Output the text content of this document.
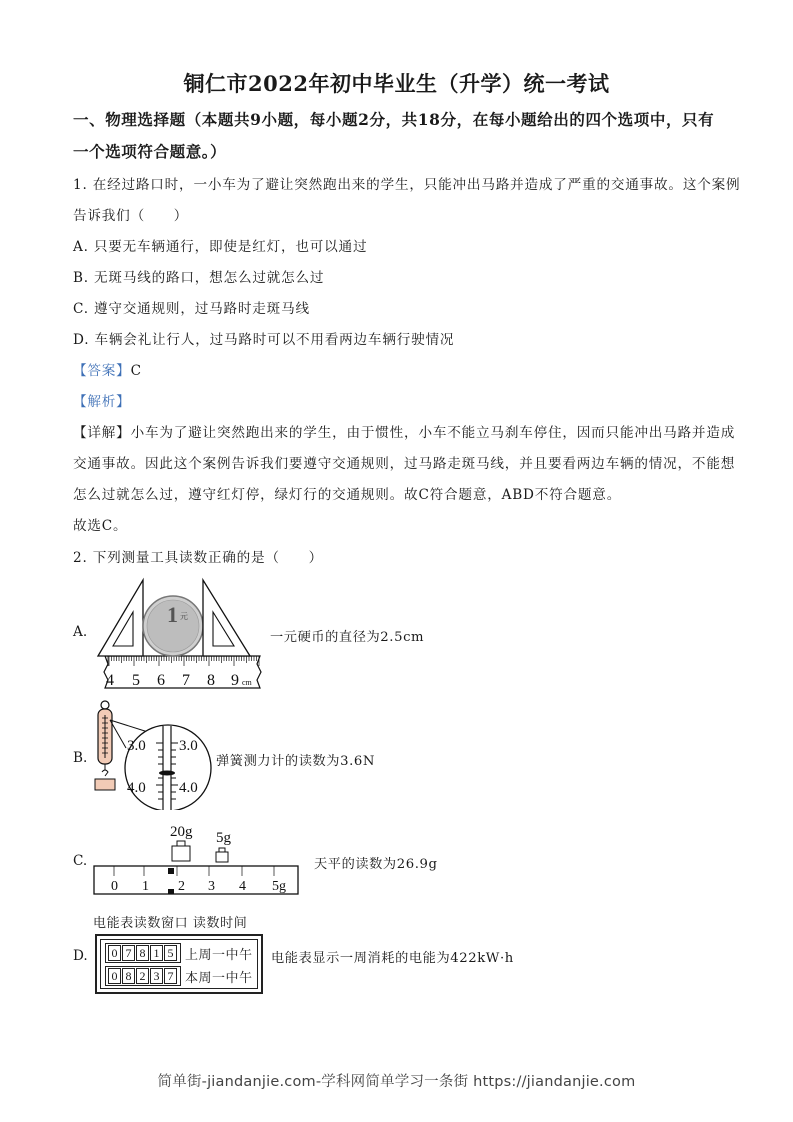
铜仁市2022年初中毕业生（升学）统一考试
一、物理选择题（本题共9小题，每小题2分，共18分，在每小题给出的四个选项中，只有
一个选项符合题意。）
1. 在经过路口时，一小车为了避让突然跑出来的学生，只能冲出马路并造成了严重的交通事故。这个案例
告诉我们（　　）
A. 只要无车辆通行，即使是红灯，也可以通过
B. 无斑马线的路口，想怎么过就怎么过
C. 遵守交通规则，过马路时走斑马线
D. 车辆会礼让行人，过马路时可以不用看两边车辆行驶情况
【答案】C
【解析】
【详解】小车为了避让突然跑出来的学生，由于惯性，小车不能立马刹车停住，因而只能冲出马路并造成
交通事故。因此这个案例告诉我们要遵守交通规则，过马路走斑马线，并且要看两边车辆的情况，不能想
怎么过就怎么过，遵守红灯停，绿灯行的交通规则。故C符合题意，ABD不符合题意。
故选C。
2. 下列测量工具读数正确的是（　　）
A.
1 元
4 5 6 7 8 9 cm
一元硬币的直径为2.5cm
B.
3.0 3.0
4.0 4.0
弹簧测力计的读数为3.6N
C.
20g 5g
0 1 2 3 4 5g
天平的读数为26.9g
电能表读数窗口 读数时间
D. 0 7 8 1 5 上周一中午
0 8 2 3 7 本周一中午
电能表显示一周消耗的电能为422kW·h
简单街-jiandanjie.com-学科网简单学习一条街 https://jiandanjie.com
